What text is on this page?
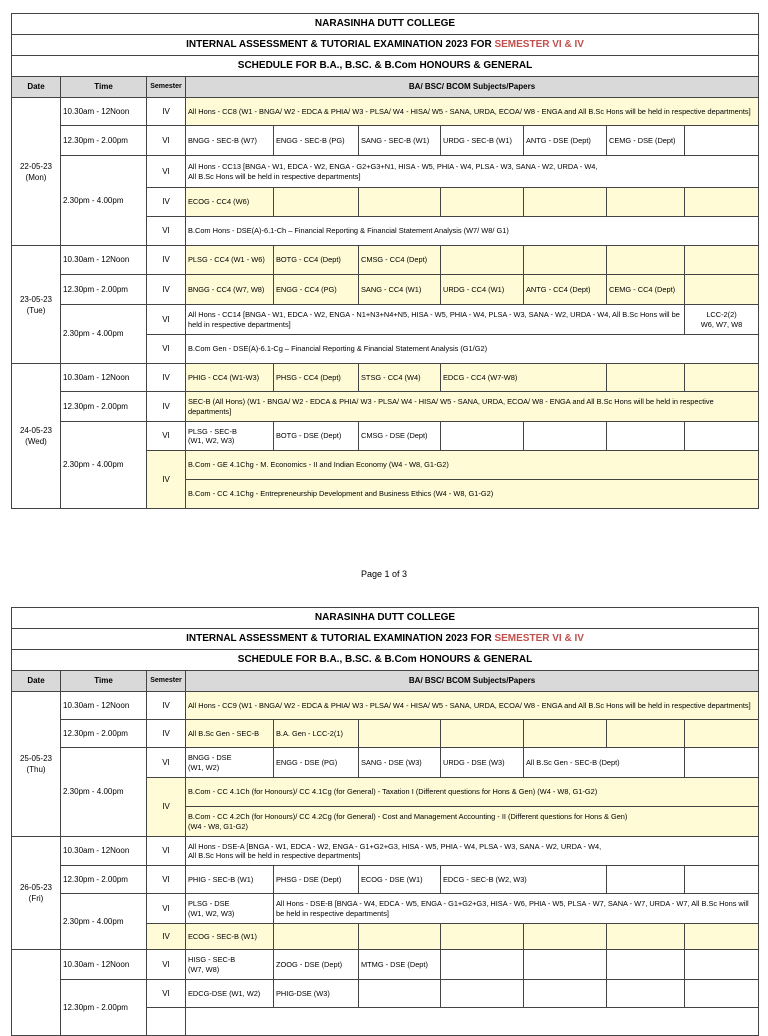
NARASINHA DUTT COLLEGE									
INTERNAL ASSESSMENT & TUTORIAL EXAMINATION 2023 FOR SEMESTER VI & IV									
SCHEDULE FOR B.A., B.SC. & B.Com HONOURS & GENERAL									
Date	Time	Semester	BA/ BSC/ BCOM Subjects/Papers						
22-05-23
(Mon)	10.30am - 12Noon	IV	All Hons - CC8 (W1 - BNGA/ W2 - EDCA & PHIA/ W3 - PLSA/ W4 - HISA/ W5 - SANA, URDA, ECOA/ W8 - ENGA and All B.Sc Hons will be held in respective departments]						
	12.30pm - 2.00pm	VI	BNGG - SEC-B (W7)	ENGG - SEC-B (PG)	SANG - SEC-B (W1)	URDG - SEC-B (W1)	ANTG - DSE (Dept)	CEMG - DSE (Dept)	
	2.30pm - 4.00pm	VI	All Hons - CC13 [BNGA - W1, EDCA - W2, ENGA - G2+G3+N1, HISA - W5, PHIA - W4, PLSA - W3, SANA - W2, URDA - W4,
All B.Sc Hons will be held in respective departments]						
		IV	ECOG - CC4 (W6)						
		VI	B.Com Hons - DSE(A)-6.1-Ch – Financial Reporting & Financial Statement Analysis (W7/ W8/ G1)						
23-05-23
(Tue)	10.30am - 12Noon	IV	PLSG - CC4 (W1 - W6)	BOTG - CC4 (Dept)	CMSG - CC4 (Dept)				
	12.30pm - 2.00pm	IV	BNGG - CC4 (W7, W8)	ENGG - CC4 (PG)	SANG - CC4 (W1)	URDG - CC4 (W1)	ANTG - CC4 (Dept)	CEMG - CC4 (Dept)	
	2.30pm - 4.00pm	VI	All Hons - CC14 [BNGA - W1, EDCA - W2, ENGA - N1+N3+N4+N5, HISA - W5, PHIA - W4, PLSA - W3, SANA - W2, URDA - W4, All B.Sc Hons will be held in respective departments]						LCC-2(2)
W6, W7, W8
		VI	B.Com Gen - DSE(A)-6.1-Cg – Financial Reporting & Financial Statement Analysis (G1/G2)						
24-05-23
(Wed)	10.30am - 12Noon	IV	PHIG - CC4 (W1-W3)	PHSG - CC4 (Dept)	STSG - CC4 (W4)	EDCG - CC4 (W7-W8)			
	12.30pm - 2.00pm	IV	SEC-B (All Hons) (W1 - BNGA/ W2 - EDCA & PHIA/ W3 - PLSA/ W4 - HISA/ W5 - SANA, URDA, ECOA/ W8 - ENGA and All B.Sc Hons will be held in respective departments]						
	2.30pm - 4.00pm	VI	PLSG - SEC-B
(W1, W2, W3)	BOTG - DSE (Dept)	CMSG - DSE (Dept)				
		IV	B.Com - GE 4.1Chg - M. Economics - II and Indian Economy (W4 - W8, G1-G2)						
			B.Com - CC 4.1Chg - Entrepreneurship Development and Business Ethics (W4 - W8, G1-G2)						
Page 1 of 3
NARASINHA DUTT COLLEGE									
INTERNAL ASSESSMENT & TUTORIAL EXAMINATION 2023 FOR SEMESTER VI & IV									
SCHEDULE FOR B.A., B.SC. & B.Com HONOURS & GENERAL									
Date	Time	Semester	BA/ BSC/ BCOM Subjects/Papers						
25-05-23
(Thu)	10.30am - 12Noon	IV	All Hons - CC9 (W1 - BNGA/ W2 - EDCA & PHIA/ W3 - PLSA/ W4 - HISA/ W5 - SANA, URDA, ECOA/ W8 - ENGA and All B.Sc Hons will be held in respective departments]						
	12.30pm - 2.00pm	IV	All B.Sc Gen - SEC-B	B.A. Gen - LCC-2(1)					
	2.30pm - 4.00pm	VI	BNGG - DSE
(W1, W2)	ENGG - DSE (PG)	SANG - DSE (W3)	URDG - DSE (W3)	All B.Sc Gen - SEC-B (Dept)		
		IV	B.Com - CC 4.1Ch (for Honours)/ CC 4.1Cg (for General) - Taxation I (Different questions for Hons & Gen) (W4 - W8, G1-G2)						
			B.Com - CC 4.2Ch (for Honours)/ CC 4.2Cg (for General) - Cost and Management Accounting - II (Different questions for Hons & Gen)
(W4 - W8, G1-G2)						
26-05-23
(Fri)	10.30am - 12Noon	VI	All Hons - DSE-A [BNGA - W1, EDCA - W2, ENGA - G1+G2+G3, HISA - W5, PHIA - W4, PLSA - W3, SANA - W2, URDA - W4,
All B.Sc Hons will be held in respective departments]						
	12.30pm - 2.00pm	VI	PHIG - SEC-B (W1)	PHSG - DSE (Dept)	ECOG - DSE (W1)	EDCG - SEC-B (W2, W3)			
	2.30pm - 4.00pm	VI	PLSG - DSE
(W1, W2, W3)	All Hons - DSE-B [BNGA - W4, EDCA - W5, ENGA - G1+G2+G3, HISA - W6, PHIA - W5, PLSA - W7, SANA - W7, URDA - W7, All B.Sc Hons will be held in respective departments]					
		IV	ECOG - SEC-B (W1)						
	10.30am - 12Noon	VI	HISG - SEC-B
(W7, W8)	ZOOG - DSE (Dept)	MTMG - DSE (Dept)				
	12.30pm - 2.00pm	VI	EDCG-DSE (W1, W2)	PHIG-DSE (W3)					
